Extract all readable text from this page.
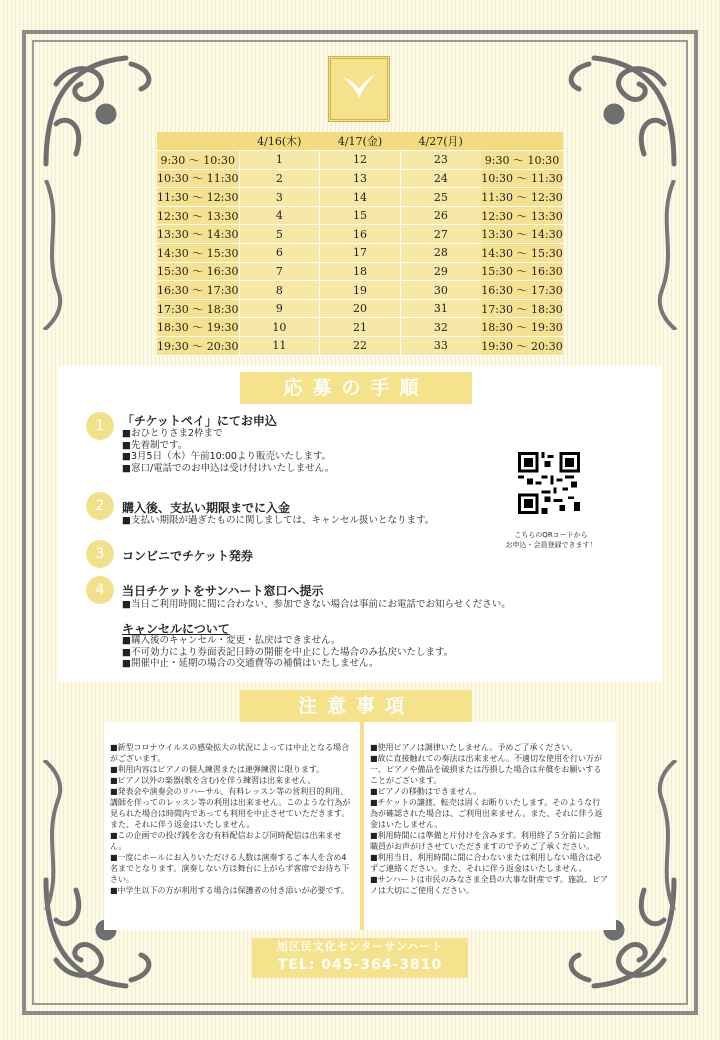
	4/16(木)	4/17(金)	4/27(月)	
9:30 〜 10:30	1	12	23	9:30 〜 10:30
10:30 〜 11:30	2	13	24	10:30 〜 11:30
11:30 〜 12:30	3	14	25	11:30 〜 12:30
12:30 〜 13:30	4	15	26	12:30 〜 13:30
13:30 〜 14:30	5	16	27	13:30 〜 14:30
14:30 〜 15:30	6	17	28	14:30 〜 15:30
15:30 〜 16:30	7	18	29	15:30 〜 16:30
16:30 〜 17:30	8	19	30	16:30 〜 17:30
17:30 〜 18:30	9	20	31	17:30 〜 18:30
18:30 〜 19:30	10	21	32	18:30 〜 19:30
19:30 〜 20:30	11	22	33	19:30 〜 20:30
応募の手順
1	「チケットペイ」にてお申込
■おひとりさま2枠まで
■先着制です。
■3月5日（木）午前10:00より販売いたします。
■窓口/電話でのお申込は受け付けいたしません。
2	購入後、支払い期限までに入金
■支払い期限が過ぎたものに関しましては、キャンセル扱いとなります。
3	コンビニでチケット発券
4	当日チケットをサンハート窓口へ提示
■当日ご利用時間に間に合わない、参加できない場合は事前にお電話でお知らせください。
こちらのQRコードから
お申込・会員登録できます！
キャンセルについて
■購入後のキャンセル・変更・払戻はできません。
■不可効力により券面表記日時の開催を中止にした場合のみ払戻いたします。
■開催中止・延期の場合の交通費等の補償はいたしません。
注意事項
■新型コロナウイルスの感染拡大の状況によっては中止となる場合がございます。
■利用内容はピアノの個人練習または連弾練習に限ります。
■ピアノ以外の楽器(歌を含む)を伴う練習は出来ません。
■発表会や演奏会のリハーサル、有料レッスン等の営利目的利用、講師を伴ってのレッスン等の利用は出来ません。このような行為が見られた場合は時間内であっても利用を中止させていただきます。また、それに伴う返金はいたしません。
■この企画での投げ銭を含む有料配信および同時配信は出来ません。
■一度にホールにお入りいただける人数は演奏するご本人を含め4名までとなります。演奏しない方は舞台に上がらず客席でお待ち下さい。
■中学生以下の方が利用する場合は保護者の付き添いが必要です。
■使用ピアノは調律いたしません。予めご了承ください。
■故に直接触れての奏法は出来ません。不適切な使用を行い万が一、ピアノや備品を破損または汚損した場合は弁償をお願いすることがございます。
■ピアノの移動はできません。
■チケットの譲渡、転売は固くお断りいたします。そのような行為が確認された場合は、ご利用出来ません。また、それに伴う返金はいたしません。
■利用時間には準備と片付けを含みます。利用終了５分前に会館職員がお声がけさせていただきますので予めご了承ください。
■利用当日、利用時間に間に合わないまたは利用しない場合は必ずご連絡ください。また、それに伴う返金はいたしません。
■サンハートは市民のみなさま全員の大事な財産です。施設、ピアノは大切にご使用ください。
旭区民文化センターサンハート
TEL: 045-364-3810
